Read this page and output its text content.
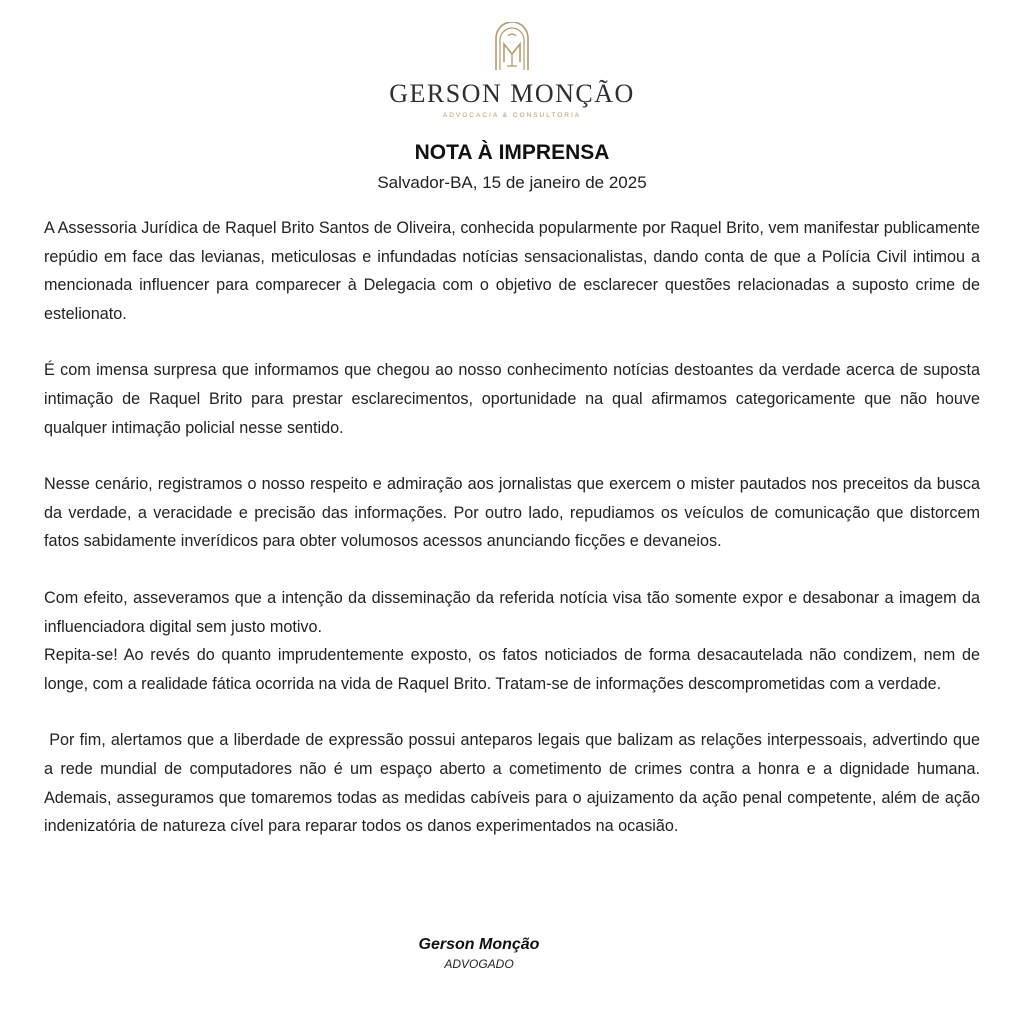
GERSON MONÇÃO
ADVOCACIA & CONSULTORIA
NOTA À IMPRENSA
Salvador-BA, 15 de janeiro de 2025

A Assessoria Jurídica de Raquel Brito Santos de Oliveira, conhecida popularmente por Raquel Brito, vem manifestar publicamente repúdio em face das levianas, meticulosas e infundadas notícias sensacionalistas, dando conta de que a Polícia Civil intimou a mencionada influencer para comparecer à Delegacia com o objetivo de esclarecer questões relacionadas a suposto crime de estelionato.

É com imensa surpresa que informamos que chegou ao nosso conhecimento notícias destoantes da verdade acerca de suposta intimação de Raquel Brito para prestar esclarecimentos, oportunidade na qual afirmamos categoricamente que não houve qualquer intimação policial nesse sentido.

Nesse cenário, registramos o nosso respeito e admiração aos jornalistas que exercem o mister pautados nos preceitos da busca da verdade, a veracidade e precisão das informações. Por outro lado, repudiamos os veículos de comunicação que distorcem fatos sabidamente inverídicos para obter volumosos acessos anunciando ficções e devaneios.

Com efeito, asseveramos que a intenção da disseminação da referida notícia visa tão somente expor e desabonar a imagem da influenciadora digital sem justo motivo.

Repita-se! Ao revés do quanto imprudentemente exposto, os fatos noticiados de forma desacautelada não condizem, nem de longe, com a realidade fática ocorrida na vida de Raquel Brito. Tratam-se de informações descomprometidas com a verdade.

Por fim, alertamos que a liberdade de expressão possui anteparos legais que balizam as relações interpessoais, advertindo que a rede mundial de computadores não é um espaço aberto a cometimento de crimes contra a honra e a dignidade humana. Ademais, asseguramos que tomaremos todas as medidas cabíveis para o ajuizamento da ação penal competente, além de ação indenizatória de natureza cível para reparar todos os danos experimentados na ocasião.

Gerson Monção
ADVOGADO
